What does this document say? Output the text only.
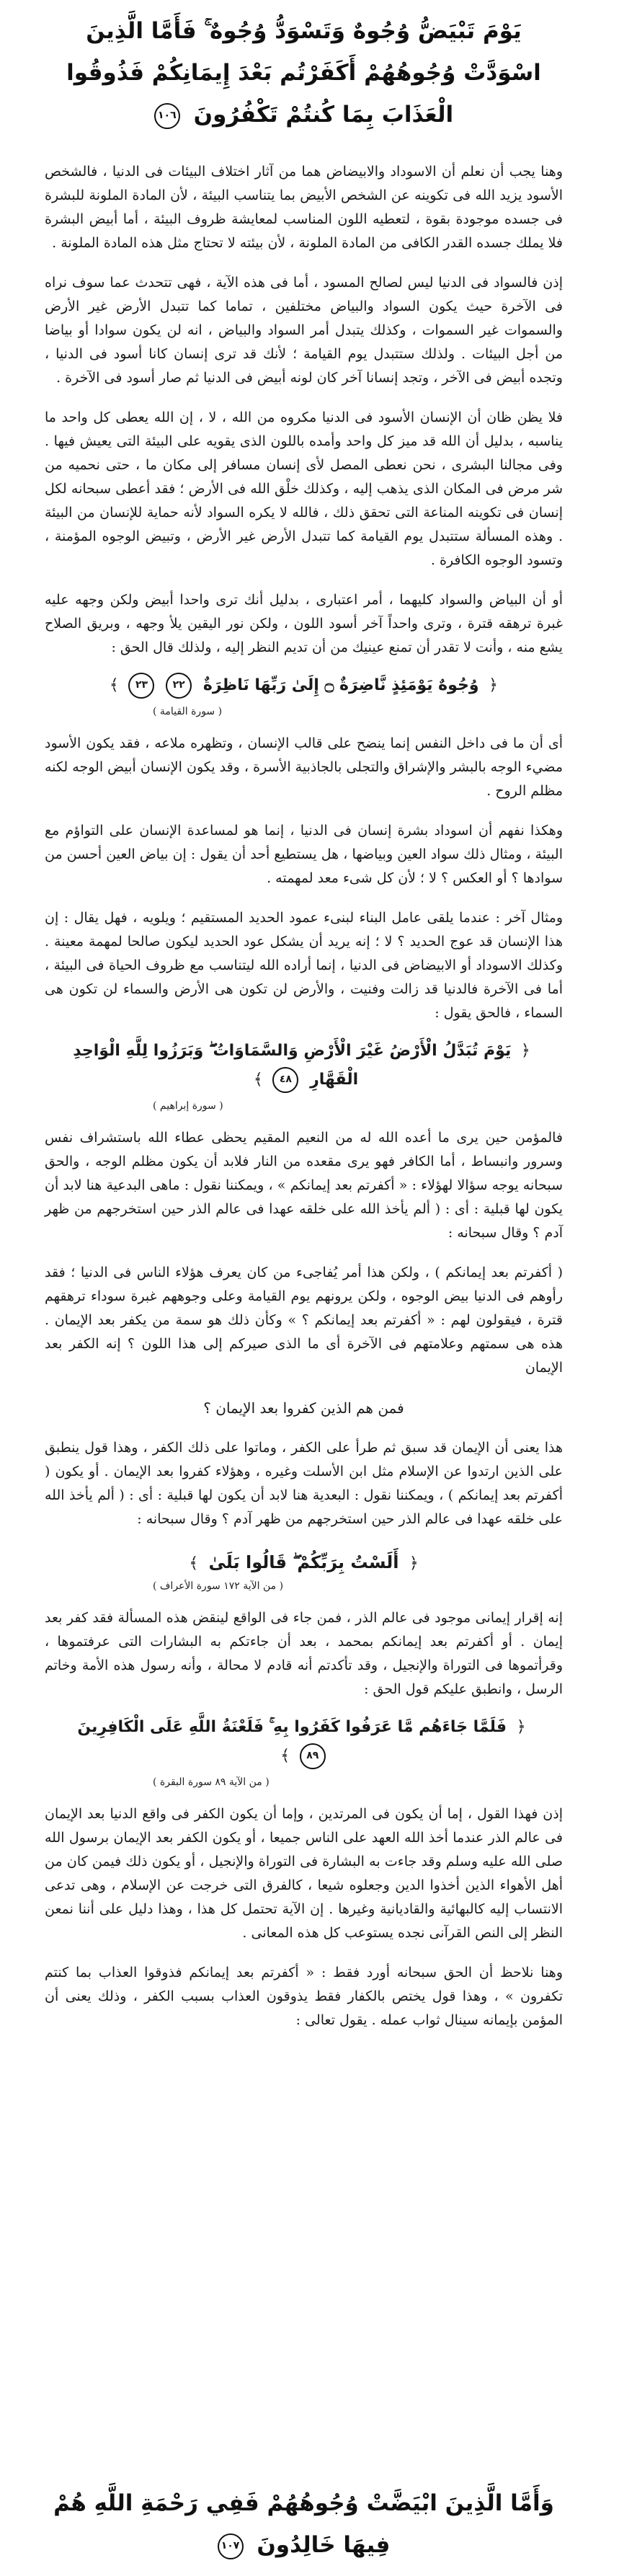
يَوْمَ تَبْيَضُّ وُجُوهٌ وَتَسْوَدُّ وُجُوهٌ ۚ فَأَمَّا الَّذِينَ
اسْوَدَّتْ وُجُوهُهُمْ أَكَفَرْتُم بَعْدَ إِيمَانِكُمْ فَذُوقُوا
الْعَذَابَ بِمَا كُنتُمْ تَكْفُرُونَ ١٠٦

وهنا يجب أن نعلم أن الاسوداد والابيضاض هما من آثار اختلاف البيئات فى الدنيا ، فالشخص الأسود يزيد الله فى تكوينه عن الشخص الأبيض بما يتناسب البيئة ، لأن المادة الملونة للبشرة فى جسده موجودة بقوة ، لتعطيه اللون المناسب لمعايشة ظروف البيئة ، أما أبيض البشرة فلا يملك جسده القدر الكافى من المادة الملونة ، لأن بيئته لا تحتاج مثل هذه المادة الملونة .

إذن فالسواد فى الدنيا ليس لصالح المسود ، أما فى هذه الآية ، فهى تتحدث عما سوف نراه فى الآخرة حيث يكون السواد والبياض مختلفين ، تماما كما تتبدل الأرض غير الأرض والسموات غير السموات ، وكذلك يتبدل أمر السواد والبياض ، انه لن يكون سوادا أو بياضا من أجل البيئات . ولذلك ستتبدل يوم القيامة ؛ لأنك قد ترى إنسان كانا أسود فى الدنيا ، وتجده أبيض فى الآخر ، وتجد إنسانا آخر كان لونه أبيض فى الدنيا ثم صار أسود فى الآخرة .

فلا يظن ظان أن الإنسان الأسود فى الدنيا مكروه من الله ، لا ، إن الله يعطى كل واحد ما يناسبه ، بدليل أن الله قد ميز كل واحد وأمده باللون الذى يقويه على البيئة التى يعيش فيها . وفى مجالنا البشرى ، نحن نعطى المصل لأى إنسان مسافر إلى مكان ما ، حتى نحميه من شر مرض فى المكان الذى يذهب إليه ، وكذلك خلْق الله فى الأرض ؛ فقد أعطى سبحانه لكل إنسان فى تكوينه المناعة التى تحقق ذلك ، فالله لا يكره السواد لأنه حماية للإنسان من البيئة . وهذه المسألة ستتبدل يوم القيامة كما تتبدل الأرض غير الأرض ، وتبيض الوجوه المؤمنة ، وتسود الوجوه الكافرة .

أو أن البياض والسواد كليهما ، أمر اعتبارى ، بدليل أنك ترى واحدا أبيض ولكن وجهه عليه غبرة ترهقه قترة ، وترى واحداً آخر أسود اللون ، ولكن نور اليقين يلأ وجهه ، وبريق الصلاح يشع منه ، وأنت لا تقدر أن تمنع عينيك من أن تديم النظر إليه ، ولذلك قال الحق :

﴿ وُجُوهٌ يَوْمَئِذٍ نَّاضِرَةٌ ۝ إِلَىٰ رَبِّهَا نَاظِرَةٌ ٢٢ ٢٣ ﴾
( سورة القيامة )

أى أن ما فى داخل النفس إنما ينضح على قالب الإنسان ، وتظهره ملاعه ، فقد يكون الأسود مضيء الوجه بالبشر والإشراق والتجلى بالجاذبية الأسرة ، وقد يكون الإنسان أبيض الوجه لكنه مظلم الروح .

وهكذا نفهم أن اسوداد بشرة إنسان فى الدنيا ، إنما هو لمساعدة الإنسان على التواؤم مع البيئة ، ومثال ذلك سواد العين وبياضها ، هل يستطيع أحد أن يقول : إن بياض العين أحسن من سوادها ؟ أو العكس ؟ لا ؛ لأن كل شىء معد لمهمته .

ومثال آخر : عندما يلقى عامل البناء لبنىء عمود الحديد المستقيم ؛ ويلويه ، فهل يقال : إن هذا الإنسان قد عوج الحديد ؟ لا ؛ إنه يريد أن يشكل عود الحديد ليكون صالحا لمهمة معينة . وكذلك الاسوداد أو الابيضاض فى الدنيا ، إنما أراده الله ليتناسب مع ظروف الحياة فى البيئة ، أما فى الآخرة فالدنيا قد زالت وفنيت ، والأرض لن تكون هى الأرض والسماء لن تكون هى السماء ، فالحق يقول :

﴿ يَوْمَ تُبَدَّلُ الْأَرْضُ غَيْرَ الْأَرْضِ وَالسَّمَاوَاتُ ۖ وَبَرَزُوا لِلَّهِ الْوَاحِدِ الْقَهَّارِ ٤٨ ﴾
( سورة إبراهيم )

فالمؤمن حين يرى ما أعده الله له من النعيم المقيم يحظى عطاء الله باستشراف نفس وسرور وانبساط ، أما الكافر فهو يرى مقعده من النار فلابد أن يكون مظلم الوجه ، والحق سبحانه يوجه سؤالا لهؤلاء : « أكفرتم بعد إيمانكم » ، ويمكننا نقول : ماهى البدعية هنا لابد أن يكون لها قبلية : أى : ( ألم يأخذ الله على خلقه عهدا فى عالم الذر حين استخرجهم من ظهر آدم ؟ وقال سبحانه :

( أكفرتم بعد إيمانكم ) ، ولكن هذا أمر يُفاجىء من كان يعرف هؤلاء الناس فى الدنيا ؛ فقد رأوهم فى الدنيا بيض الوجوه ، ولكن يرونهم يوم القيامة وعلى وجوههم غبرة سوداء ترهقهم قترة ، فيقولون لهم : « أكفرتم بعد إيمانكم ؟ » وكأن ذلك هو سمة من يكفر بعد الإيمان . هذه هى سمتهم وعلامتهم فى الآخرة أى ما الذى صيركم إلى هذا اللون ؟ إنه الكفر بعد الإيمان

فمن هم الذين كفروا بعد الإيمان ؟

هذا يعنى أن الإيمان قد سبق ثم طرأ على الكفر ، وماتوا على ذلك الكفر ، وهذا قول ينطبق على الذين ارتدوا عن الإسلام مثل ابن الأسلت وغيره ، وهؤلاء كفروا بعد الإيمان . أو يكون ( أكفرتم بعد إيمانكم ) ، ويمكننا نقول : البعدية هنا لابد أن يكون لها قبلية : أى : ( ألم يأخذ الله على خلقه عهدا فى عالم الذر حين استخرجهم من ظهر آدم ؟ وقال سبحانه :

﴿ أَلَسْتُ بِرَبِّكُمْ ۖ قَالُوا بَلَىٰ ﴾
( من الآية ١٧٢ سورة الأعراف )

إنه إقرار إيمانى موجود فى عالم الذر ، فمن جاء فى الواقع لينقض هذه المسألة فقد كفر بعد إيمان . أو أكفرتم بعد إيمانكم بمحمد ، بعد أن جاءتكم به البشارات التى عرفتموها ، وقرأتموها فى التوراة والإنجيل ، وقد تأكدتم أنه قادم لا محالة ، وأنه رسول هذه الأمة وخاتم الرسل ، وانطبق عليكم قول الحق :

﴿ فَلَمَّا جَاءَهُم مَّا عَرَفُوا كَفَرُوا بِهِ ۚ فَلَعْنَةُ اللَّهِ عَلَى الْكَافِرِينَ ٨٩ ﴾
( من الآية ٨٩ سورة البقرة )

إذن فهذا القول ، إما أن يكون فى المرتدين ، وإما أن يكون الكفر فى واقع الدنيا بعد الإيمان فى عالم الذر عندما أخذ الله العهد على الناس جميعا ، أو يكون الكفر بعد الإيمان برسول الله صلى الله عليه وسلم وقد جاءت به البشارة فى التوراة والإنجيل ، أو يكون ذلك فيمن كان من أهل الأهواء الذين أخذوا الدين وجعلوه شيعا ، كالفرق التى خرجت عن الإسلام ، وهى تدعى الانتساب إليه كالبهائية والقاديانية وغيرها . إن الآية تحتمل كل هذا ، وهذا دليل على أننا نمعن النظر إلى النص القرآنى نجده يستوعب كل هذه المعانى .

وهنا نلاحظ أن الحق سبحانه أورد فقط : « أكفرتم بعد إيمانكم فذوقوا العذاب بما كنتم تكفرون » ، وهذا قول يختص بالكفار فقط يذوقون العذاب بسبب الكفر ، وذلك يعنى أن المؤمن بإيمانه سينال ثواب عمله . يقول تعالى :

وَأَمَّا الَّذِينَ ابْيَضَّتْ وُجُوهُهُمْ فَفِي رَحْمَةِ اللَّهِ هُمْ
فِيهَا خَالِدُونَ ١٠٧
